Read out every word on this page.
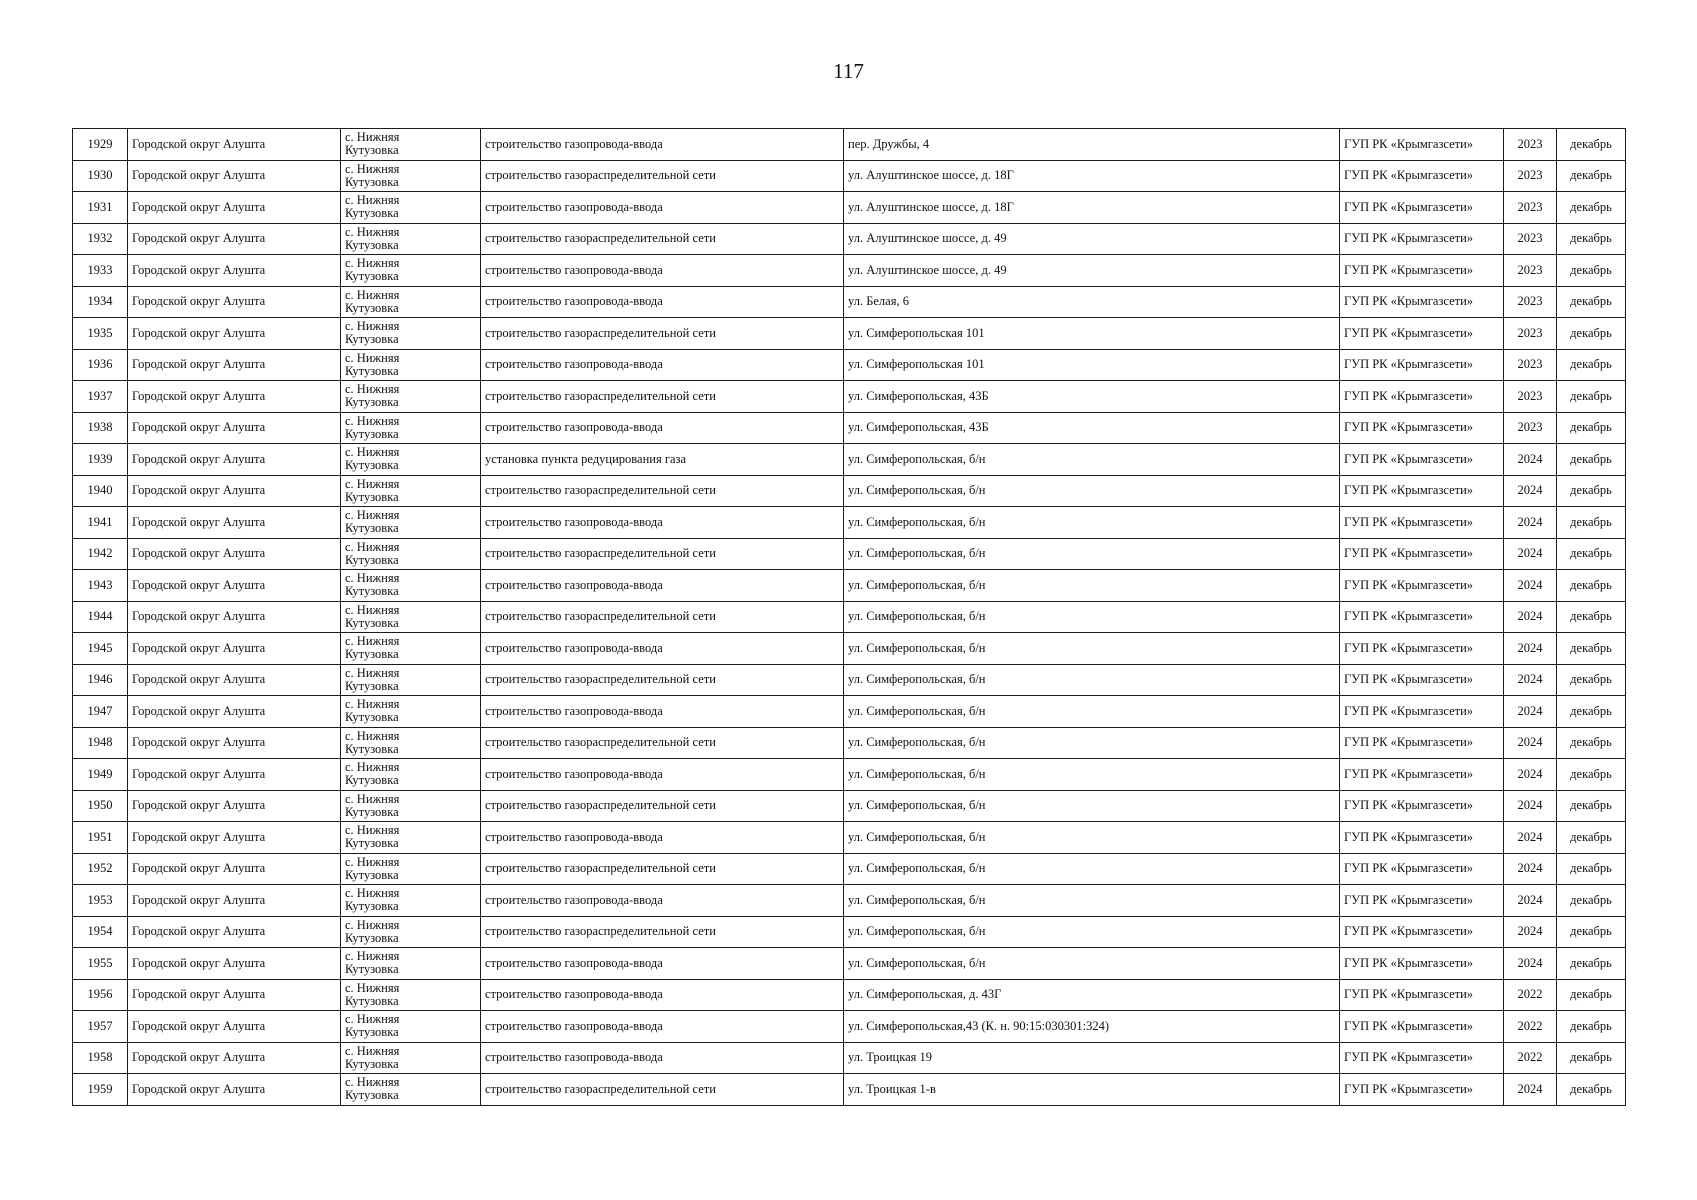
117
1929	Городской округ Алушта	с. Нижняя
Кутузовка	строительство газопровода-ввода	пер. Дружбы, 4	ГУП РК «Крымгазсети»	2023	декабрь
1930	Городской округ Алушта	с. Нижняя
Кутузовка	строительство газораспределительной сети	ул. Алуштинское шоссе, д. 18Г	ГУП РК «Крымгазсети»	2023	декабрь
1931	Городской округ Алушта	с. Нижняя
Кутузовка	строительство газопровода-ввода	ул. Алуштинское шоссе, д. 18Г	ГУП РК «Крымгазсети»	2023	декабрь
1932	Городской округ Алушта	с. Нижняя
Кутузовка	строительство газораспределительной сети	ул. Алуштинское шоссе, д. 49	ГУП РК «Крымгазсети»	2023	декабрь
1933	Городской округ Алушта	с. Нижняя
Кутузовка	строительство газопровода-ввода	ул. Алуштинское шоссе, д. 49	ГУП РК «Крымгазсети»	2023	декабрь
1934	Городской округ Алушта	с. Нижняя
Кутузовка	строительство газопровода-ввода	ул. Белая, 6	ГУП РК «Крымгазсети»	2023	декабрь
1935	Городской округ Алушта	с. Нижняя
Кутузовка	строительство газораспределительной сети	ул. Симферопольская 101	ГУП РК «Крымгазсети»	2023	декабрь
1936	Городской округ Алушта	с. Нижняя
Кутузовка	строительство газопровода-ввода	ул. Симферопольская 101	ГУП РК «Крымгазсети»	2023	декабрь
1937	Городской округ Алушта	с. Нижняя
Кутузовка	строительство газораспределительной сети	ул. Симферопольская, 43Б	ГУП РК «Крымгазсети»	2023	декабрь
1938	Городской округ Алушта	с. Нижняя
Кутузовка	строительство газопровода-ввода	ул. Симферопольская, 43Б	ГУП РК «Крымгазсети»	2023	декабрь
1939	Городской округ Алушта	с. Нижняя
Кутузовка	установка пункта редуцирования газа	ул. Симферопольская, б/н	ГУП РК «Крымгазсети»	2024	декабрь
1940	Городской округ Алушта	с. Нижняя
Кутузовка	строительство газораспределительной сети	ул. Симферопольская, б/н	ГУП РК «Крымгазсети»	2024	декабрь
1941	Городской округ Алушта	с. Нижняя
Кутузовка	строительство газопровода-ввода	ул. Симферопольская, б/н	ГУП РК «Крымгазсети»	2024	декабрь
1942	Городской округ Алушта	с. Нижняя
Кутузовка	строительство газораспределительной сети	ул. Симферопольская, б/н	ГУП РК «Крымгазсети»	2024	декабрь
1943	Городской округ Алушта	с. Нижняя
Кутузовка	строительство газопровода-ввода	ул. Симферопольская, б/н	ГУП РК «Крымгазсети»	2024	декабрь
1944	Городской округ Алушта	с. Нижняя
Кутузовка	строительство газораспределительной сети	ул. Симферопольская, б/н	ГУП РК «Крымгазсети»	2024	декабрь
1945	Городской округ Алушта	с. Нижняя
Кутузовка	строительство газопровода-ввода	ул. Симферопольская, б/н	ГУП РК «Крымгазсети»	2024	декабрь
1946	Городской округ Алушта	с. Нижняя
Кутузовка	строительство газораспределительной сети	ул. Симферопольская, б/н	ГУП РК «Крымгазсети»	2024	декабрь
1947	Городской округ Алушта	с. Нижняя
Кутузовка	строительство газопровода-ввода	ул. Симферопольская, б/н	ГУП РК «Крымгазсети»	2024	декабрь
1948	Городской округ Алушта	с. Нижняя
Кутузовка	строительство газораспределительной сети	ул. Симферопольская, б/н	ГУП РК «Крымгазсети»	2024	декабрь
1949	Городской округ Алушта	с. Нижняя
Кутузовка	строительство газопровода-ввода	ул. Симферопольская, б/н	ГУП РК «Крымгазсети»	2024	декабрь
1950	Городской округ Алушта	с. Нижняя
Кутузовка	строительство газораспределительной сети	ул. Симферопольская, б/н	ГУП РК «Крымгазсети»	2024	декабрь
1951	Городской округ Алушта	с. Нижняя
Кутузовка	строительство газопровода-ввода	ул. Симферопольская, б/н	ГУП РК «Крымгазсети»	2024	декабрь
1952	Городской округ Алушта	с. Нижняя
Кутузовка	строительство газораспределительной сети	ул. Симферопольская, б/н	ГУП РК «Крымгазсети»	2024	декабрь
1953	Городской округ Алушта	с. Нижняя
Кутузовка	строительство газопровода-ввода	ул. Симферопольская, б/н	ГУП РК «Крымгазсети»	2024	декабрь
1954	Городской округ Алушта	с. Нижняя
Кутузовка	строительство газораспределительной сети	ул. Симферопольская, б/н	ГУП РК «Крымгазсети»	2024	декабрь
1955	Городской округ Алушта	с. Нижняя
Кутузовка	строительство газопровода-ввода	ул. Симферопольская, б/н	ГУП РК «Крымгазсети»	2024	декабрь
1956	Городской округ Алушта	с. Нижняя
Кутузовка	строительство газопровода-ввода	ул. Симферопольская, д. 43Г	ГУП РК «Крымгазсети»	2022	декабрь
1957	Городской округ Алушта	с. Нижняя
Кутузовка	строительство газопровода-ввода	ул. Симферопольская,43 (К. н. 90:15:030301:324)	ГУП РК «Крымгазсети»	2022	декабрь
1958	Городской округ Алушта	с. Нижняя
Кутузовка	строительство газопровода-ввода	ул. Троицкая 19	ГУП РК «Крымгазсети»	2022	декабрь
1959	Городской округ Алушта	с. Нижняя
Кутузовка	строительство газораспределительной сети	ул. Троицкая 1-в	ГУП РК «Крымгазсети»	2024	декабрь
